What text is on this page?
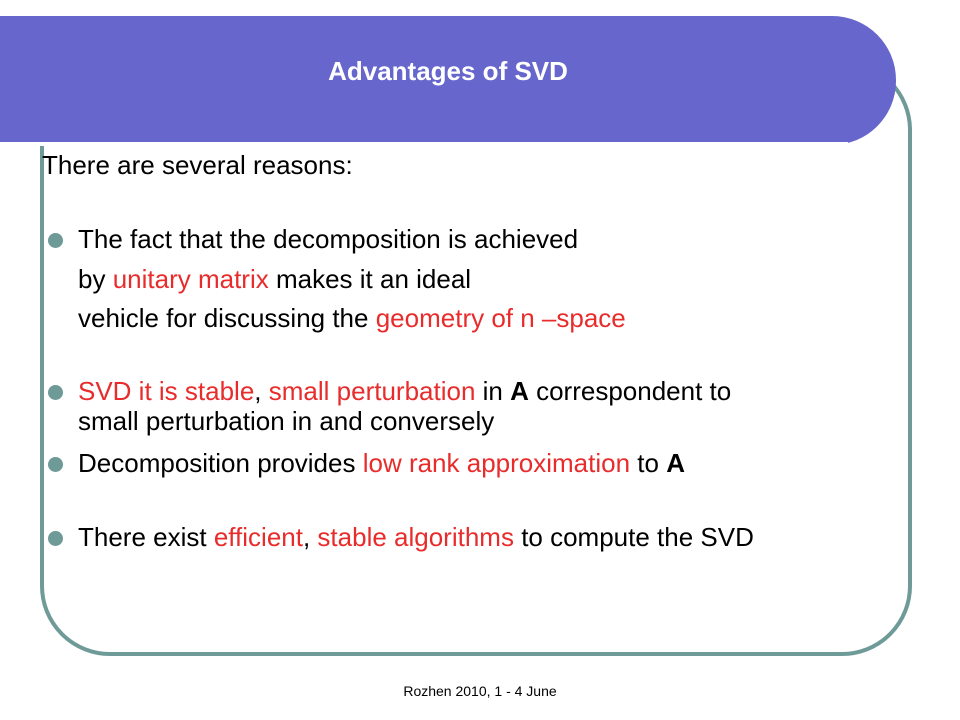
Advantages of SVD
There are several reasons:
The fact that the decomposition is achieved
by unitary matrix makes it an ideal
vehicle for discussing the geometry of n –space
SVD it is stable, small perturbation in A correspondent to
small perturbation in and conversely
Decomposition provides low rank approximation to A
There exist efficient, stable algorithms to compute the SVD
Rozhen 2010, 1 - 4 June
